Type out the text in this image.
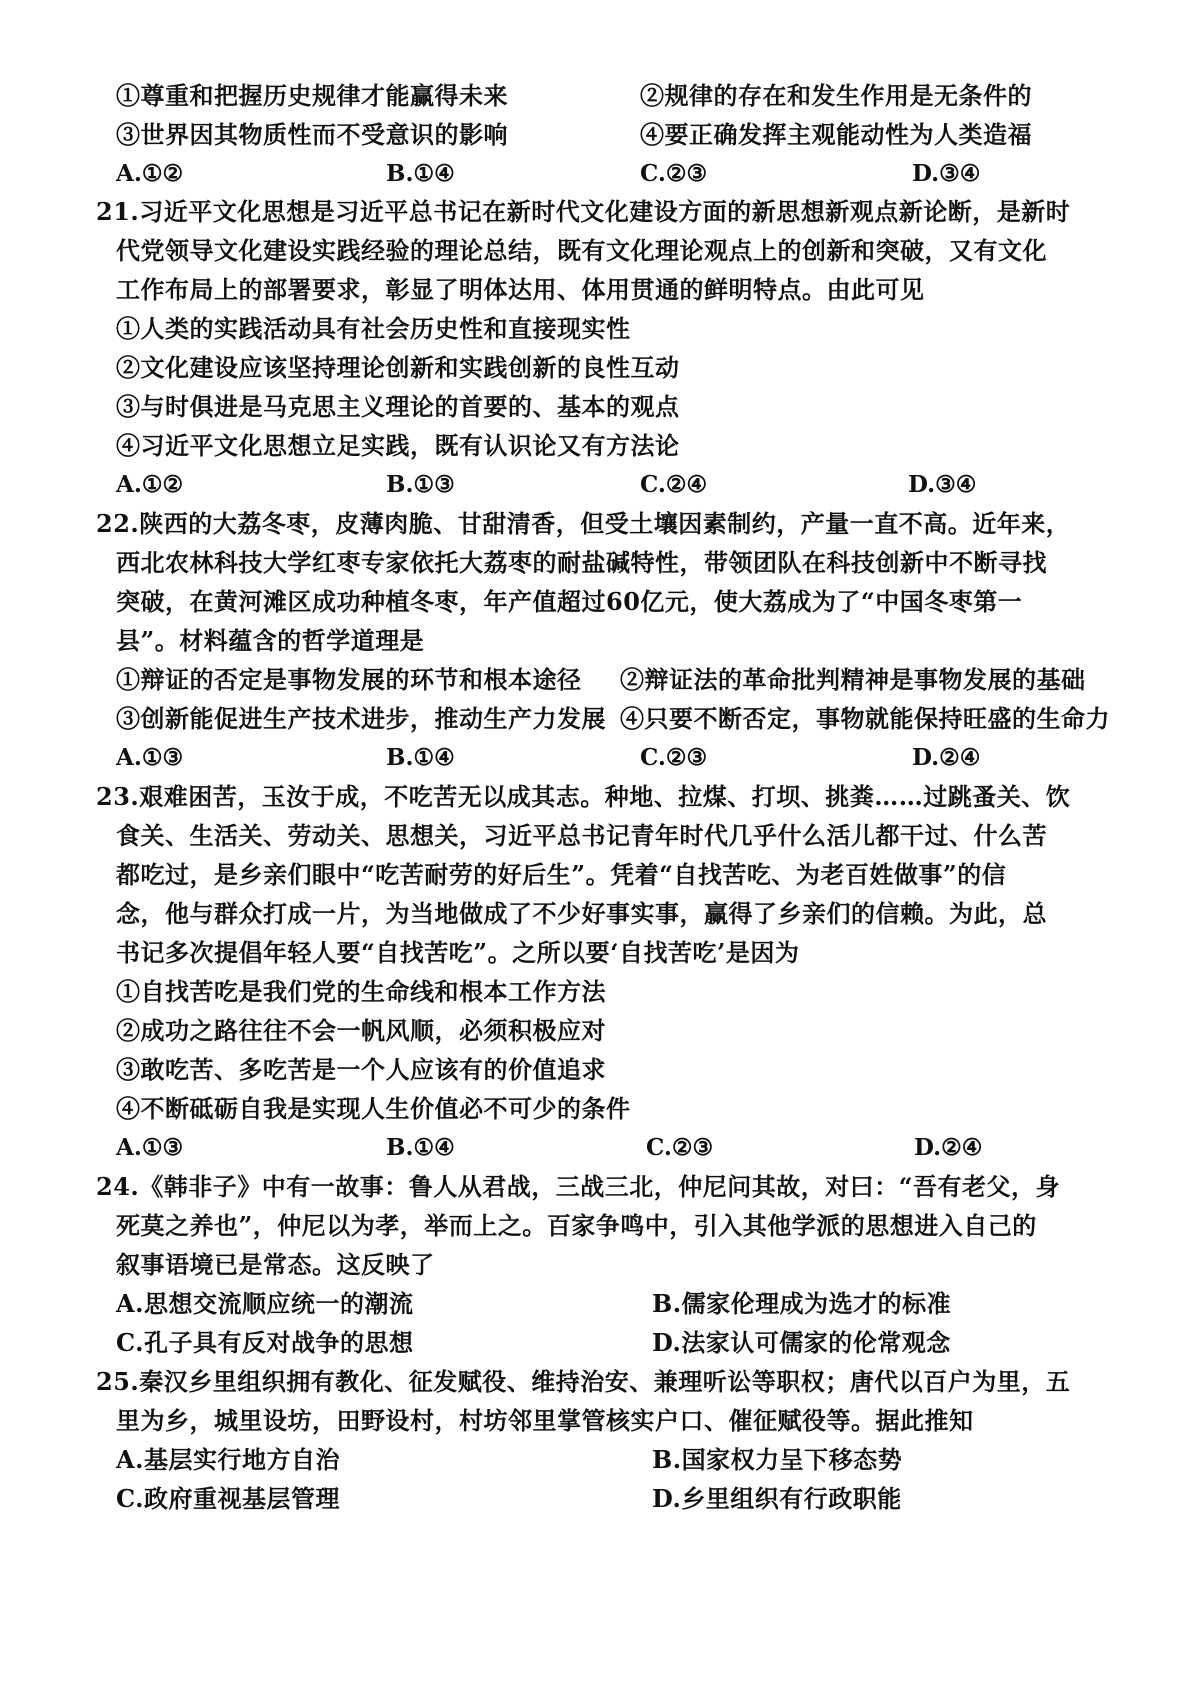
①尊重和把握历史规律才能赢得未来	②规律的存在和发生作用是无条件的
③世界因其物质性而不受意识的影响	④要正确发挥主观能动性为人类造福
A.①②	B.①④	C.②③	D.③④
21.习近平文化思想是习近平总书记在新时代文化建设方面的新思想新观点新论断，是新时
代党领导文化建设实践经验的理论总结，既有文化理论观点上的创新和突破，又有文化
工作布局上的部署要求，彰显了明体达用、体用贯通的鲜明特点。由此可见
①人类的实践活动具有社会历史性和直接现实性
②文化建设应该坚持理论创新和实践创新的良性互动
③与时俱进是马克思主义理论的首要的、基本的观点
④习近平文化思想立足实践，既有认识论又有方法论
A.①②	B.①③	C.②④	D.③④
22.陕西的大荔冬枣，皮薄肉脆、甘甜清香，但受土壤因素制约，产量一直不高。近年来，
西北农林科技大学红枣专家依托大荔枣的耐盐碱特性，带领团队在科技创新中不断寻找
突破，在黄河滩区成功种植冬枣，年产值超过60亿元，使大荔成为了“中国冬枣第一
县”。材料蕴含的哲学道理是
①辩证的否定是事物发展的环节和根本途径 ②辩证法的革命批判精神是事物发展的基础
③创新能促进生产技术进步，推动生产力发展 ④只要不断否定，事物就能保持旺盛的生命力
A.①③	B.①④	C.②③	D.②④
23.艰难困苦，玉汝于成，不吃苦无以成其志。种地、拉煤、打坝、挑粪……过跳蚤关、饮
食关、生活关、劳动关、思想关，习近平总书记青年时代几乎什么活儿都干过、什么苦
都吃过，是乡亲们眼中“吃苦耐劳的好后生”。凭着“自找苦吃、为老百姓做事”的信
念，他与群众打成一片，为当地做成了不少好事实事，赢得了乡亲们的信赖。为此，总
书记多次提倡年轻人要“自找苦吃”。之所以要‘自找苦吃’是因为
①自找苦吃是我们党的生命线和根本工作方法
②成功之路往往不会一帆风顺，必须积极应对
③敢吃苦、多吃苦是一个人应该有的价值追求
④不断砥砺自我是实现人生价值必不可少的条件
A.①③	B.①④	C.②③	D.②④
24.《韩非子》中有一故事：鲁人从君战，三战三北，仲尼问其故，对曰：“吾有老父，身
死莫之养也”，仲尼以为孝，举而上之。百家争鸣中，引入其他学派的思想进入自己的
叙事语境已是常态。这反映了
A.思想交流顺应统一的潮流	B.儒家伦理成为选才的标准
C.孔子具有反对战争的思想	D.法家认可儒家的伦常观念
25.秦汉乡里组织拥有教化、征发赋役、维持治安、兼理听讼等职权；唐代以百户为里，五
里为乡，城里设坊，田野设村，村坊邻里掌管核实户口、催征赋役等。据此推知
A.基层实行地方自治	B.国家权力呈下移态势
C.政府重视基层管理	D.乡里组织有行政职能
